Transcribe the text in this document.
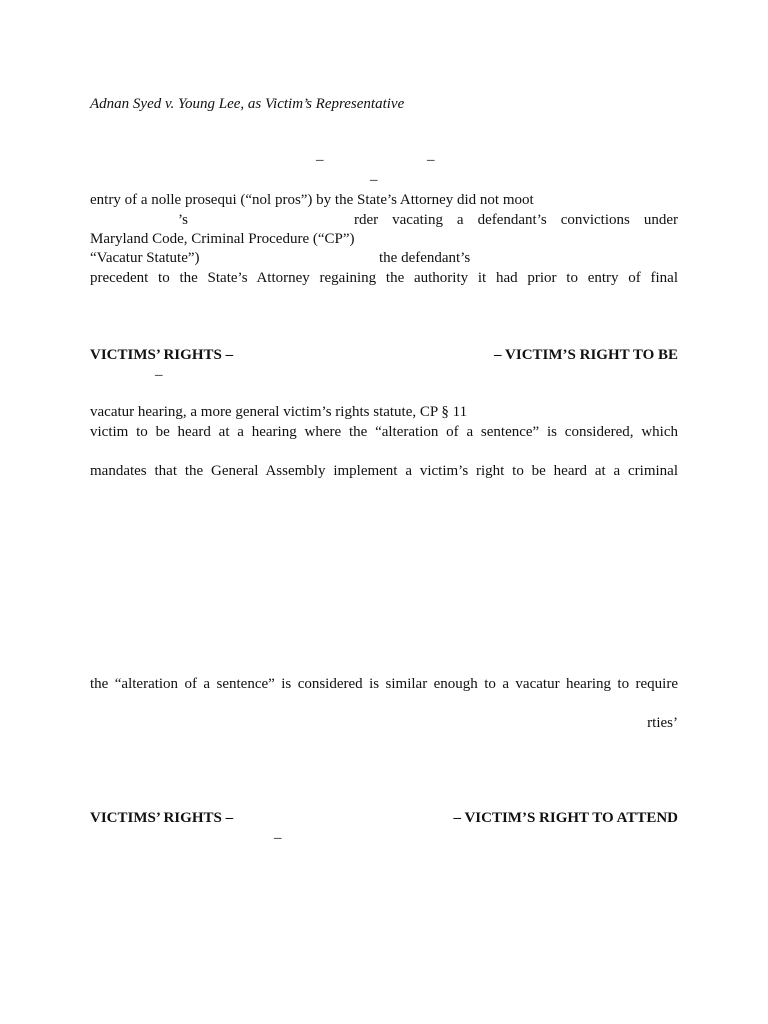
Adnan Syed v. Young Lee, as Victim’s Representative
–	–
–
entry of a nolle prosequi (“nol pros”) by the State’s Attorney did not moot
’s	rder vacating a defendant’s convictions under
Maryland Code, Criminal Procedure (“CP”)
“Vacatur Statute”)	the defendant’s
precedent to the State’s Attorney regaining the authority it had prior to entry of final
VICTIMS’ RIGHTS –	– VICTIM’S RIGHT TO BE
–
vacatur hearing, a more general victim’s rights statute, CP § 11
victim to be heard at a hearing where the “alteration of a sentence” is considered, which
mandates that the General Assembly implement a victim’s right to be heard at a criminal
the “alteration of a sentence” is considered is similar enough to a vacatur hearing to require
rties’
VICTIMS’ RIGHTS –	– VICTIM’S RIGHT TO ATTEND
–
